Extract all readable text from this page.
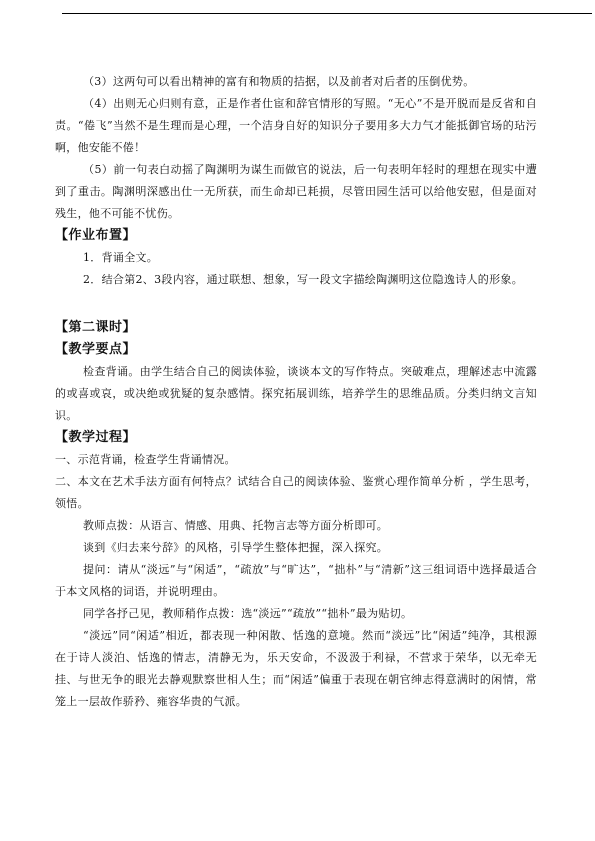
（3）这两句可以看出精神的富有和物质的拮据，以及前者对后者的压倒优势。

（4）出则无心归则有意，正是作者仕宦和辞官情形的写照。“无心”不是开脱而是反省和自责。“倦飞”当然不是生理而是心理，一个洁身自好的知识分子要用多大力气才能抵御官场的玷污啊，他安能不倦！

（5）前一句表白动摇了陶渊明为谋生而做官的说法，后一句表明年轻时的理想在现实中遭到了重击。陶渊明深感出仕一无所获，而生命却已耗损，尽管田园生活可以给他安慰，但是面对残生，他不可能不忧伤。

【作业布置】

1．背诵全文。

2．结合第2、3段内容，通过联想、想象，写一段文字描绘陶渊明这位隐逸诗人的形象。

【第二课时】
【教学要点】

检查背诵。由学生结合自己的阅读体验，谈谈本文的写作特点。突破难点，理解述志中流露的或喜或哀，或决绝或犹疑的复杂感情。探究拓展训练，培养学生的思维品质。分类归纳文言知识。

【教学过程】

一、示范背诵，检查学生背诵情况。

二、本文在艺术手法方面有何特点？试结合自己的阅读体验、鉴赏心理作简单分析 ，学生思考，领悟。

教师点拨：从语言、情感、用典、托物言志等方面分析即可。

谈到《归去来兮辞》的风格，引导学生整体把握，深入探究。

提问：请从“淡远”与“闲适”，“疏放”与“旷达”，“拙朴”与“清新”这三组词语中选择最适合于本文风格的词语，并说明理由。

同学各抒己见，教师稍作点拨：选“淡远”“疏放”“拙朴”最为贴切。

“淡远”同“闲适”相近，都表现一种闲散、恬逸的意境。然而“淡远”比“闲适”纯净，其根源在于诗人淡泊、恬逸的情志，清静无为，乐天安命，不汲汲于利禄，不营求于荣华，以无牵无挂、与世无争的眼光去静观默察世相人生；而“闲适”偏重于表现在朝官绅志得意满时的闲情，常笼上一层故作骄矜、雍容华贵的气派。
